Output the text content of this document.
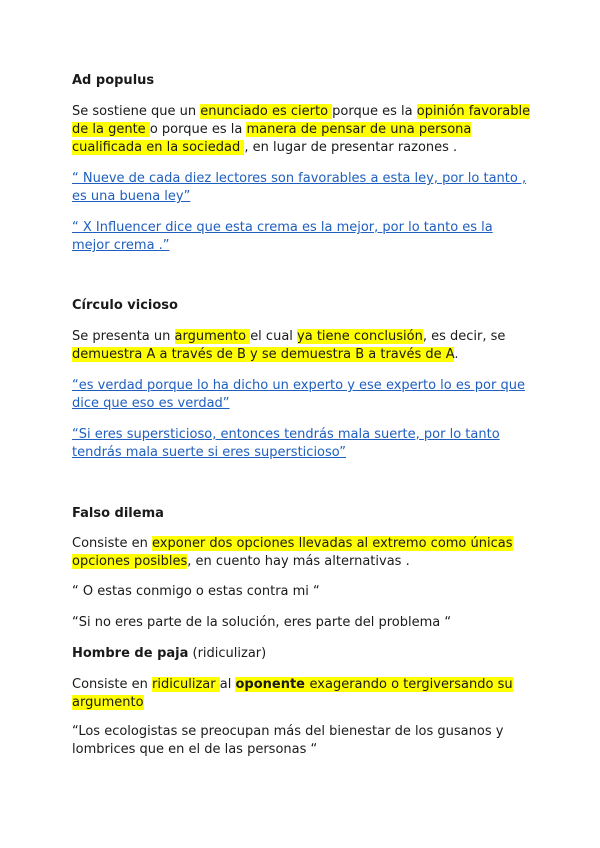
Ad populus
Se sostiene que un enunciado es cierto porque es la opinión favorable de la gente o porque es la manera de pensar de una persona cualificada en la sociedad , en lugar de presentar razones .
“ Nueve de cada diez lectores son favorables a esta ley, por lo tanto , es una buena ley”
“ X Influencer dice que esta crema es la mejor, por lo tanto es la mejor crema .”
Círculo vicioso
Se presenta un argumento el cual ya tiene conclusión, es decir, se demuestra A a través de B y se demuestra B a través de A.
“es verdad porque lo ha dicho un experto y ese experto lo es por que dice que eso es verdad”
“Si eres supersticioso, entonces tendrás mala suerte, por lo tanto tendrás mala suerte si eres supersticioso”
Falso dilema
Consiste en exponer dos opciones llevadas al extremo como únicas opciones posibles, en cuento hay más alternativas .
“ O estas conmigo o estas contra mi “
“Si no eres parte de la solución, eres parte del problema “
Hombre de paja (ridiculizar)
Consiste en ridiculizar al oponente exagerando o tergiversando su argumento
“Los ecologistas se preocupan más del bienestar de los gusanos y lombrices que en el de las personas “
